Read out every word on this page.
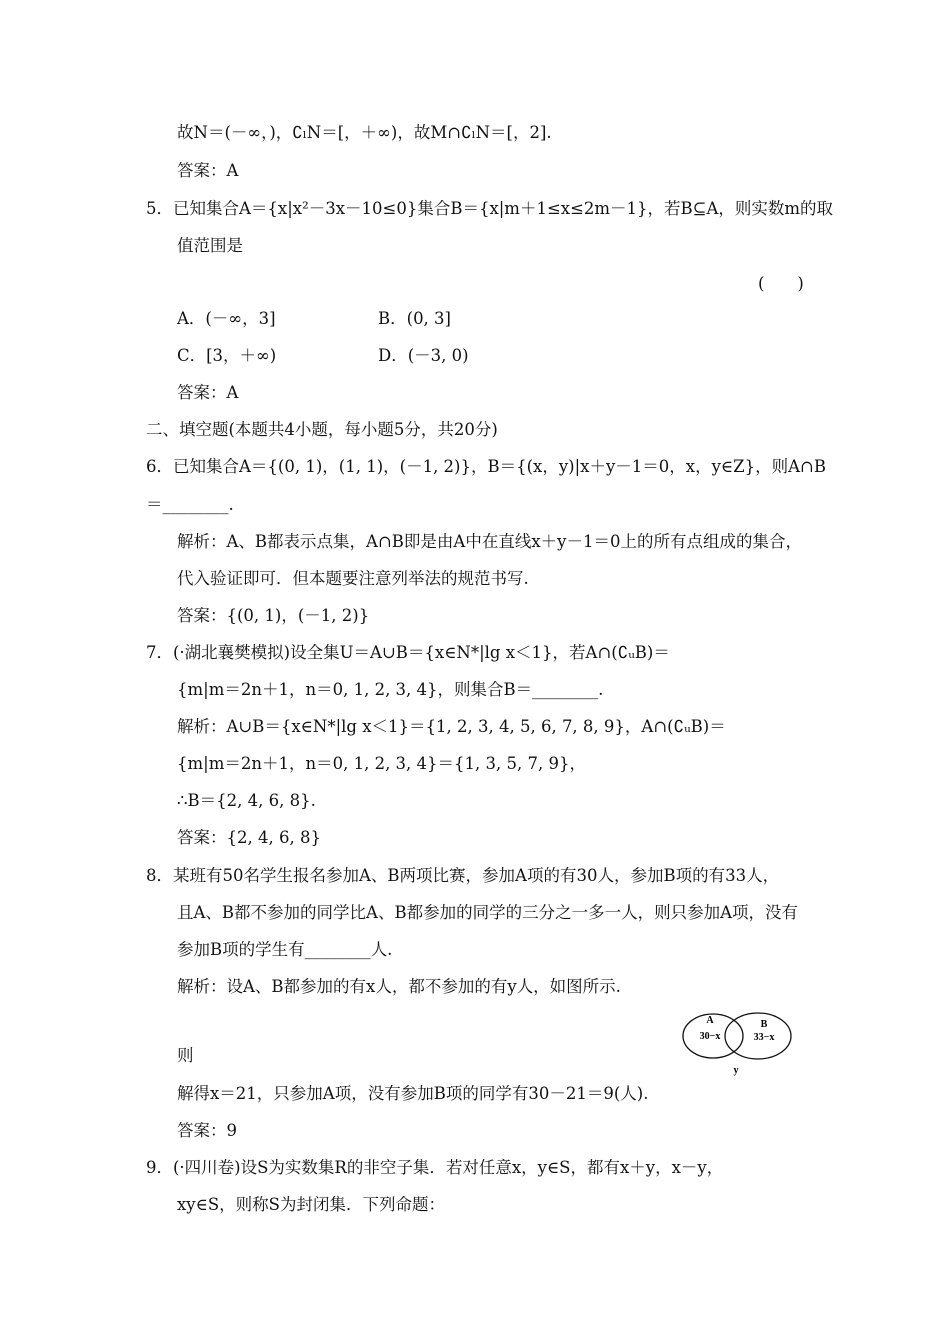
故N＝(－∞，)，∁ₗN＝[，＋∞)，故M∩∁ₗN＝[，2].
答案：A
5．已知集合A＝{x|x²－3x－10≤0}集合B＝{x|m＋1≤x≤2m－1}，若B⊆A，则实数m的取
值范围是
(　　)
A．(－∞，3]	B．(0, 3]
C．[3，＋∞)	D．(－3, 0)
答案：A
二、填空题(本题共4小题，每小题5分，共20分)
6．已知集合A＝{(0, 1)，(1, 1)，(－1, 2)}，B＝{(x，y)|x＋y－1＝0，x，y∈Z}，则A∩B
＝________.
解析：A、B都表示点集，A∩B即是由A中在直线x＋y－1＝0上的所有点组成的集合，
代入验证即可．但本题要注意列举法的规范书写.
答案：{(0, 1)，(－1, 2)}
7．(·湖北襄樊模拟)设全集U＝A∪B＝{x∈N*|lg x＜1}，若A∩(∁ᵤB)＝
{m|m＝2n＋1，n＝0, 1, 2, 3, 4}，则集合B＝________.
解析：A∪B＝{x∈N*|lg x＜1}＝{1, 2, 3, 4, 5, 6, 7, 8, 9}，A∩(∁ᵤB)＝
{m|m＝2n＋1，n＝0, 1, 2, 3, 4}＝{1, 3, 5, 7, 9}，
∴B＝{2, 4, 6, 8}.
答案：{2, 4, 6, 8}
8．某班有50名学生报名参加A、B两项比赛，参加A项的有30人，参加B项的有33人，
且A、B都不参加的同学比A、B都参加的同学的三分之一多一人，则只参加A项，没有
参加B项的学生有________人.
解析：设A、B都参加的有x人，都不参加的有y人，如图所示.
A
30−x
B
33−x
y
则
解得x＝21，只参加A项，没有参加B项的同学有30－21＝9(人).
答案：9
9．(·四川卷)设S为实数集R的非空子集．若对任意x，y∈S，都有x＋y，x－y，
xy∈S，则称S为封闭集．下列命题：
